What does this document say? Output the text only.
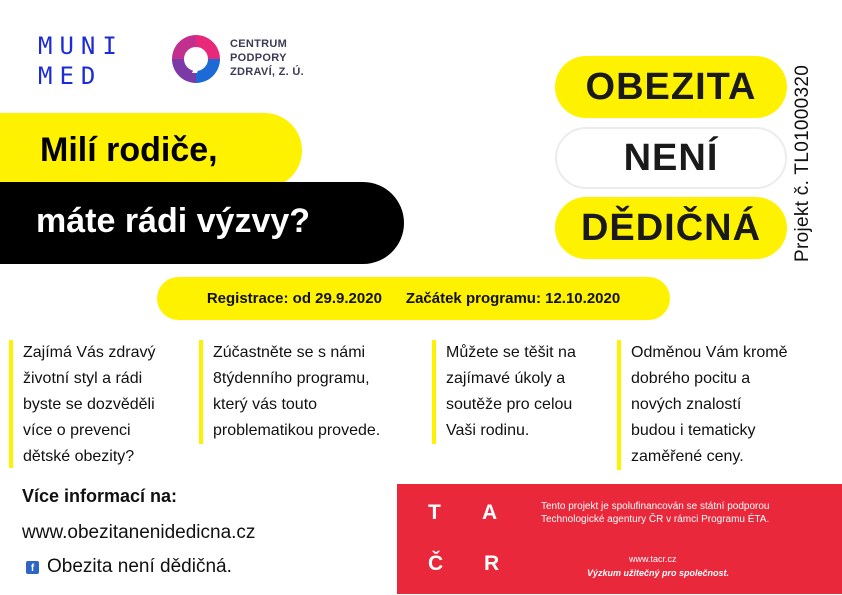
MUNI
MED
CENTRUM
PODPORY
ZDRAVÍ, Z. Ú.
Milí rodiče,
máte rádi výzvy?
OBEZITA
NENÍ
DĚDIČNÁ	Projekt č. TL01000320
Registrace: od 29.9.2020 Začátek programu: 12.10.2020
Zajímá Vás zdravý
životní styl a rádi
byste se dozvěděli
více o prevenci
dětské obezity?
Zúčastněte se s námi
8týdenního programu,
který vás touto
problematikou provede.
Můžete se těšit na
zajímavé úkoly a
soutěže pro celou
Vaši rodinu.
Odměnou Vám kromě
dobrého pocitu a
nových znalostí
budou i tematicky
zaměřené ceny.
Více informací na:
www.obezitanenidedicna.cz
f Obezita není dědičná.
T A
Č R
Tento projekt je spolufinancován se státní podporou Technologické agentury ČR v rámci Programu ÉTA.
www.tacr.cz
Výzkum užitečný pro společnost.
